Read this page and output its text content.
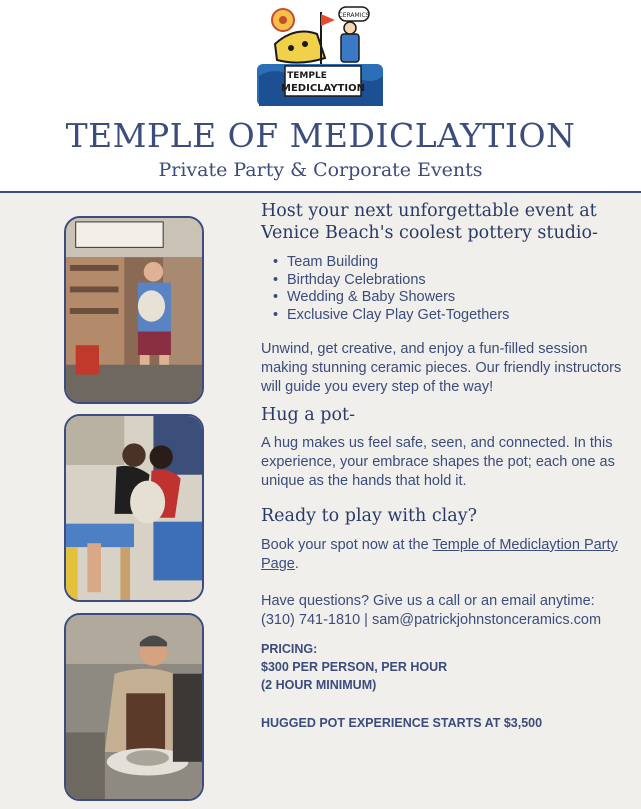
CERAMICS
TEMPLE
MEDICLAYTION
TEMPLE OF MEDICLAYTION
Private Party & Corporate Events
Host your next unforgettable event at Venice Beach's coolest pottery studio-
• Team Building
• Birthday Celebrations
• Wedding & Baby Showers
• Exclusive Clay Play Get-Togethers

Unwind, get creative, and enjoy a fun-filled session making stunning ceramic pieces. Our friendly instructors will guide you every step of the way!

Hug a pot-

A hug makes us feel safe, seen, and connected. In this experience, your embrace shapes the pot; each one as unique as the hands that hold it.

Ready to play with clay?

Book your spot now at the Temple of Mediclaytion Party Page.

Have questions? Give us a call or an email anytime: (310) 741-1810 | sam@patrickjohnstonceramics.com

PRICING:
$300 PER PERSON, PER HOUR
(2 HOUR MINIMUM)
HUGGED POT EXPERIENCE STARTS AT $3,500
